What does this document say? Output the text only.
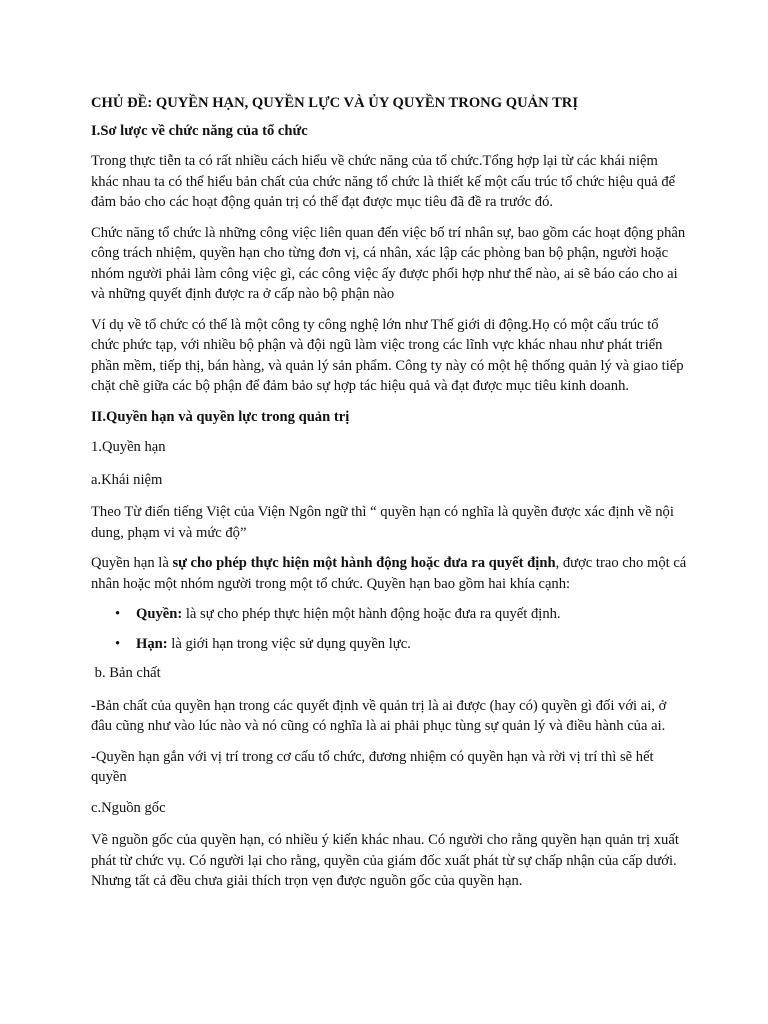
CHỦ ĐỀ: QUYỀN HẠN, QUYỀN LỰC VÀ ỦY QUYỀN TRONG QUẢN TRỊ
I.Sơ lược về chức năng của tổ chức

Trong thực tiễn ta có rất nhiều cách hiểu về chức năng của tổ chức.Tổng hợp lại từ các khái niệm khác nhau ta có thể hiểu bản chất của chức năng tổ chức là thiết kế một cấu trúc tổ chức hiệu quả để đảm bảo cho các hoạt động quản trị có thể đạt được mục tiêu đã đề ra trước đó.

Chức năng tổ chức là những công việc liên quan đến việc bố trí nhân sự, bao gồm các hoạt động phân công trách nhiệm, quyền hạn cho từng đơn vị, cá nhân, xác lập các phòng ban bộ phận, người hoặc nhóm người phải làm công việc gì, các công việc ấy được phối hợp như thế nào, ai sẽ báo cáo cho ai và những quyết định được ra ở cấp nào bộ phận nào

Ví dụ về tổ chức có thể là một công ty công nghệ lớn như Thế giới di động.Họ có một cấu trúc tổ chức phức tạp, với nhiều bộ phận và đội ngũ làm việc trong các lĩnh vực khác nhau như phát triển phần mềm, tiếp thị, bán hàng, và quản lý sản phẩm. Công ty này có một hệ thống quản lý và giao tiếp chặt chẽ giữa các bộ phận để đảm bảo sự hợp tác hiệu quả và đạt được mục tiêu kinh doanh.

II.Quyền hạn và quyền lực trong quản trị

1.Quyền hạn

a.Khái niệm

Theo Từ điển tiếng Việt của Viện Ngôn ngữ thì “ quyền hạn có nghĩa là quyền được xác định về nội dung, phạm vi và mức độ”

Quyền hạn là sự cho phép thực hiện một hành động hoặc đưa ra quyết định, được trao cho một cá nhân hoặc một nhóm người trong một tổ chức. Quyền hạn bao gồm hai khía cạnh:

• Quyền: là sự cho phép thực hiện một hành động hoặc đưa ra quyết định.
• Hạn: là giới hạn trong việc sử dụng quyền lực.

b. Bản chất

-Bản chất của quyền hạn trong các quyết định về quản trị là ai được (hay có) quyền gì đối với ai, ở đâu cũng như vào lúc nào và nó cũng có nghĩa là ai phải phục tùng sự quản lý và điều hành của ai.

-Quyền hạn gắn với vị trí trong cơ cấu tổ chức, đương nhiệm có quyền hạn và rời vị trí thì sẽ hết quyền

c.Nguồn gốc

Về nguồn gốc của quyền hạn, có nhiều ý kiến khác nhau. Có người cho rằng quyền hạn quản trị xuất phát từ chức vụ. Có người lại cho rằng, quyền của giám đốc xuất phát từ sự chấp nhận của cấp dưới. Nhưng tất cả đều chưa giải thích trọn vẹn được nguồn gốc của quyền hạn.
